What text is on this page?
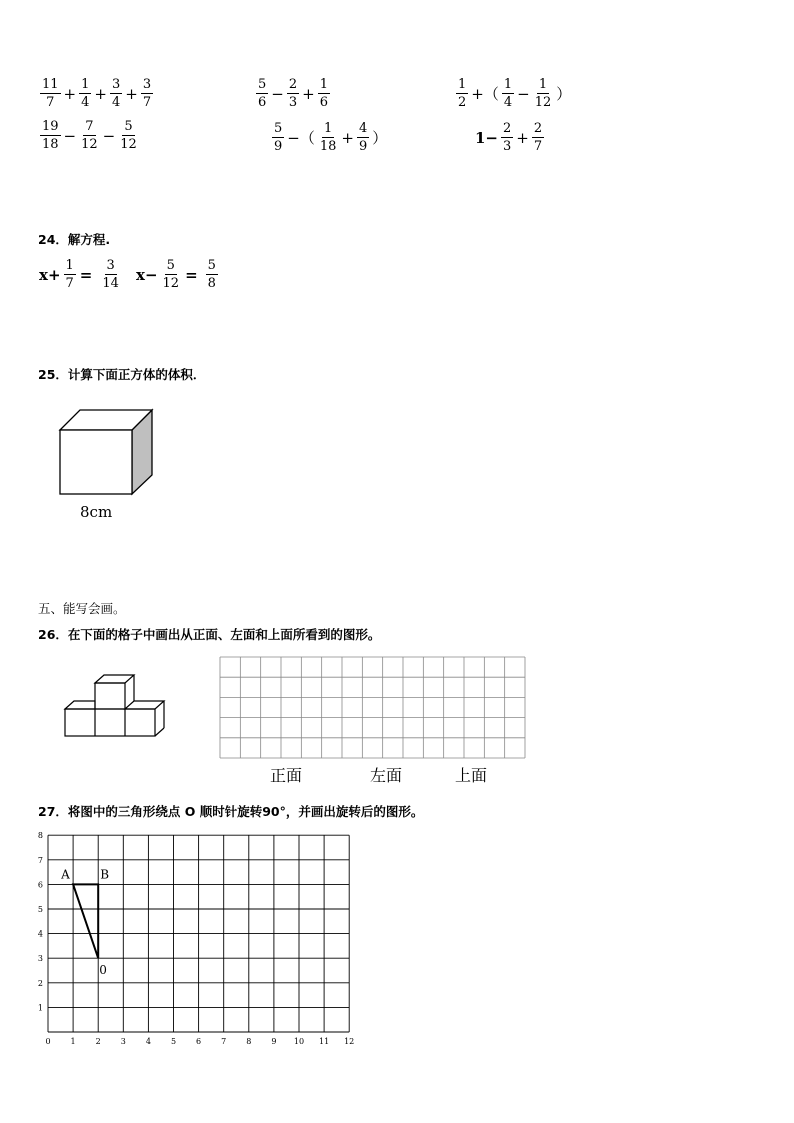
$\frac{11}{7} + \frac{1}{4} + \frac{3}{4} + \frac{3}{7}$	$\frac{5}{6} - \frac{2}{3} + \frac{1}{6}$	$\frac{1}{2}$ +（ $\frac{1}{4} - \frac{1}{12}$ ）
$\frac{19}{18} - \frac{7}{12} - \frac{5}{12}$	$\frac{5}{9}$ −（ $\frac{1}{18} + \frac{4}{9}$ ）	$1- \frac{2}{3} + \frac{2}{7}$
24．解方程.
$x+ \frac{1}{7} = \frac{3}{14} x- \frac{5}{12} = \frac{5}{8}$
25．计算下面正方体的体积．
8cm
五、能写会画。
26．在下面的格子中画出从正面、左面和上面所看到的图形。
正面	左面	上面
27．将图中的三角形绕点 O 顺时针旋转90°，并画出旋转后的图形。
0	1	2	3	4	5	6	7	8	9 10 11 12
1
2
3
4
5
6
7
8
A	B
0
